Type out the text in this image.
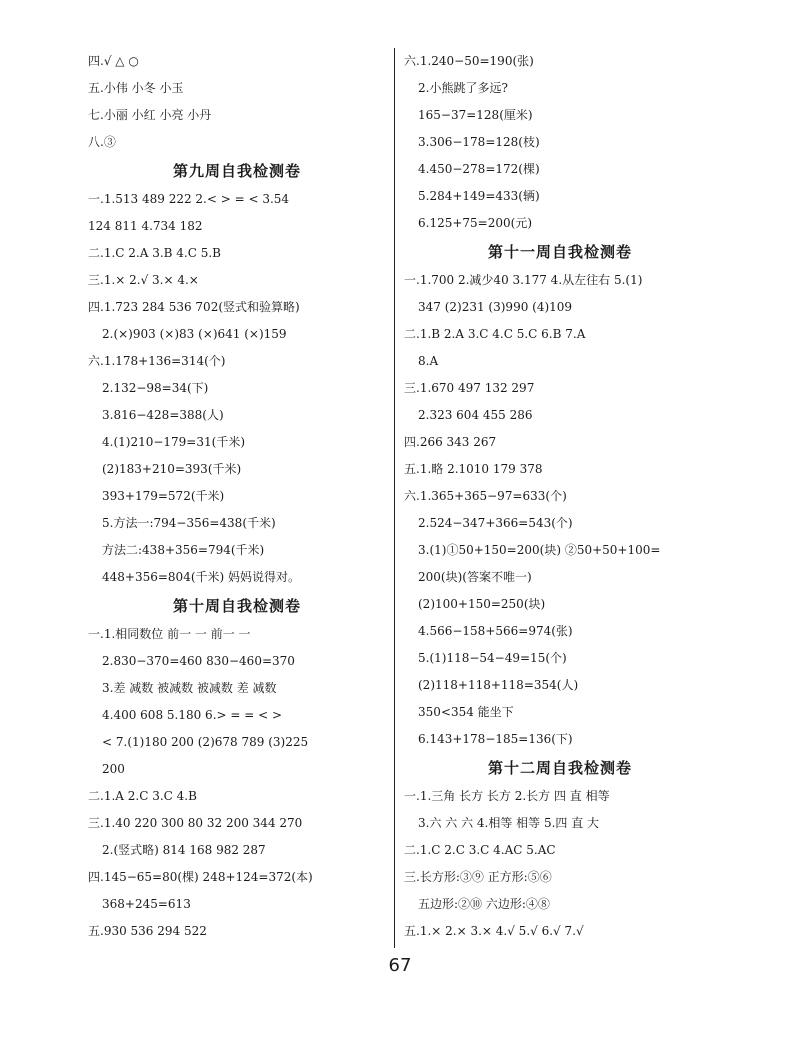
四.√ △ ○
五.小伟 小冬 小玉
七.小丽 小红 小亮 小丹
八.③
第九周自我检测卷
一.1.513 489 222 2.< > = < 3.54
124 811 4.734 182
二.1.C 2.A 3.B 4.C 5.B
三.1.× 2.√ 3.× 4.×
四.1.723 284 536 702(竖式和验算略)
2.(×)903 (×)83 (×)641 (×)159
六.1.178+136=314(个)
2.132−98=34(下)
3.816−428=388(人)
4.(1)210−179=31(千米)
(2)183+210=393(千米)
393+179=572(千米)
5.方法一:794−356=438(千米)
方法二:438+356=794(千米)
448+356=804(千米) 妈妈说得对。
第十周自我检测卷
一.1.相同数位 前一 一 前一 一
2.830−370=460 830−460=370
3.差 减数 被减数 被减数 差 减数
4.400 608 5.180 6.> = = < >
< 7.(1)180 200 (2)678 789 (3)225
200
二.1.A 2.C 3.C 4.B
三.1.40 220 300 80 32 200 344 270
2.(竖式略) 814 168 982 287
四.145−65=80(棵) 248+124=372(本)
368+245=613
五.930 536 294 522
六.1.240−50=190(张)
2.小熊跳了多远?
165−37=128(厘米)
3.306−178=128(枝)
4.450−278=172(棵)
5.284+149=433(辆)
6.125+75=200(元)
第十一周自我检测卷
一.1.700 2.减少40 3.177 4.从左往右 5.(1)
347 (2)231 (3)990 (4)109
二.1.B 2.A 3.C 4.C 5.C 6.B 7.A
8.A
三.1.670 497 132 297
2.323 604 455 286
四.266 343 267
五.1.略 2.1010 179 378
六.1.365+365−97=633(个)
2.524−347+366=543(个)
3.(1)①50+150=200(块) ②50+50+100=
200(块)(答案不唯一)
(2)100+150=250(块)
4.566−158+566=974(张)
5.(1)118−54−49=15(个)
(2)118+118+118=354(人)
350<354 能坐下
6.143+178−185=136(下)
第十二周自我检测卷
一.1.三角 长方 长方 2.长方 四 直 相等
3.六 六 六 4.相等 相等 5.四 直 大
二.1.C 2.C 3.C 4.AC 5.AC
三.长方形:③⑨ 正方形:⑤⑥
五边形:②⑩ 六边形:④⑧
五.1.× 2.× 3.× 4.√ 5.√ 6.√ 7.√
67
